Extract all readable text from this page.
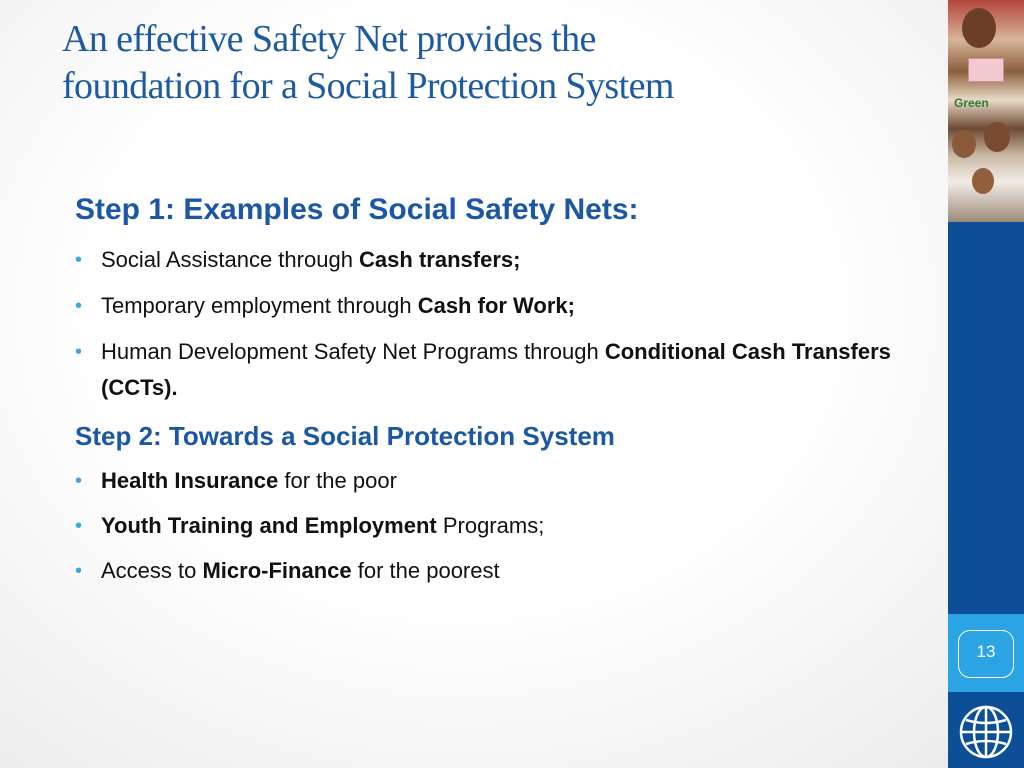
An effective Safety Net provides the
foundation for a Social Protection System
Step 1: Examples of Social Safety Nets:
• Social Assistance through Cash transfers;
• Temporary employment through Cash for Work;
• Human Development Safety Net Programs through Conditional Cash Transfers (CCTs).
Step 2: Towards a Social Protection System
• Health Insurance for the poor
• Youth Training and Employment Programs;
• Access to Micro-Finance for the poorest
Green
13
